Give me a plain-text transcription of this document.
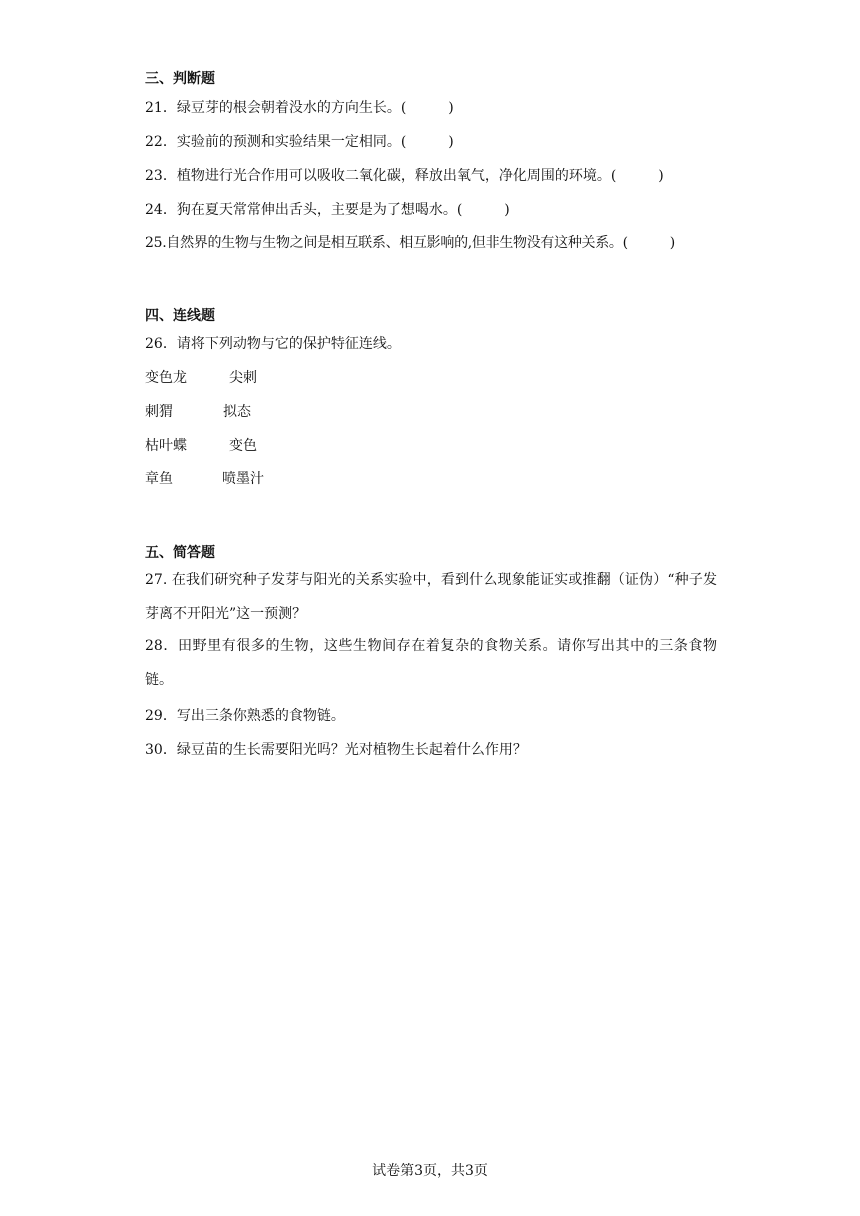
三、判断题
21．绿豆芽的根会朝着没水的方向生长。(	)
22．实验前的预测和实验结果一定相同。(	)
23．植物进行光合作用可以吸收二氧化碳，释放出氧气，净化周围的环境。(	)
24．狗在夏天常常伸出舌头，主要是为了想喝水。(	)
25.自然界的生物与生物之间是相互联系、相互影响的,但非生物没有这种关系。(	)
四、连线题
26．请将下列动物与它的保护特征连线。
变色龙	尖刺
刺猬	拟态
枯叶蝶	变色
章鱼	喷墨汁
五、简答题
27. 在我们研究种子发芽与阳光的关系实验中，看到什么现象能证实或推翻（证伪）“种子发芽离不开阳光”这一预测？
28．田野里有很多的生物，这些生物间存在着复杂的食物关系。请你写出其中的三条食物链。
29．写出三条你熟悉的食物链。
30．绿豆苗的生长需要阳光吗？光对植物生长起着什么作用？
试卷第3页，共3页
